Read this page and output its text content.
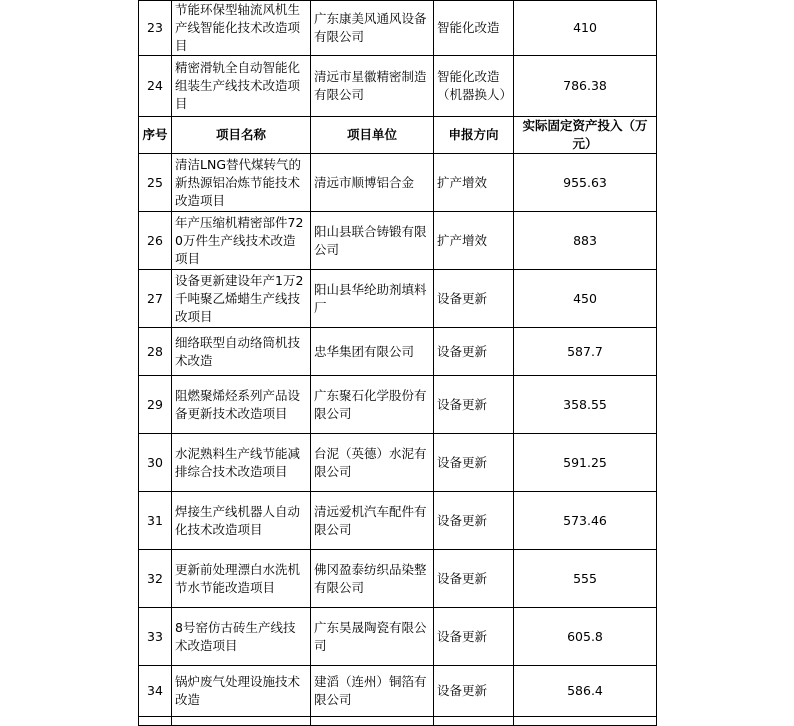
23	节能环保型轴流风机生产线智能化技术改造项目	广东康美风通风设备有限公司	智能化改造	410
24	精密滑轨全自动智能化组装生产线技术改造项目	清远市星徽精密制造有限公司	智能化改造（机器换人）	786.38
序号	项目名称	项目单位	申报方向	实际固定资产投入（万元）
25	清洁LNG替代煤转气的新热源铝冶炼节能技术改造项目	清远市顺博铝合金	扩产增效	955.63
26	年产压缩机精密部件720万件生产线技术改造项目	阳山县联合铸锻有限公司	扩产增效	883
27	设备更新建设年产1万2千吨聚乙烯蜡生产线技改项目	阳山县华纶助剂填料厂	设备更新	450
28	细络联型自动络筒机技术改造	忠华集团有限公司	设备更新	587.7
29	阻燃聚烯烃系列产品设备更新技术改造项目	广东聚石化学股份有限公司	设备更新	358.55
30	水泥熟料生产线节能减排综合技术改造项目	台泥（英德）水泥有限公司	设备更新	591.25
31	焊接生产线机器人自动化技术改造项目	清远爱机汽车配件有限公司	设备更新	573.46
32	更新前处理漂白水洗机节水节能改造项目	佛冈盈泰纺织品染整有限公司	设备更新	555
33	8号窑仿古砖生产线技术改造项目	广东昊晟陶瓷有限公司	设备更新	605.8
34	锅炉废气处理设施技术改造	建滔（连州）铜箔有限公司	设备更新	586.4
